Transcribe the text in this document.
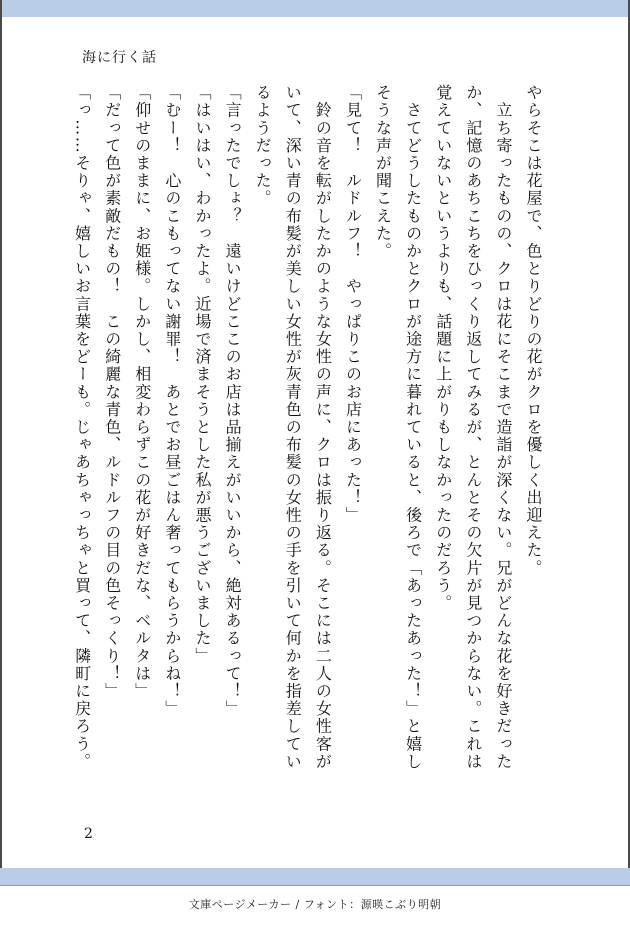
海に行く話
やらそこは花屋で、色とりどりの花がクロを優しく出迎えた。
　立ち寄ったものの、クロは花にそこまで造詣が深くない。兄がどんな花を好きだった
か、記憶のあちこちをひっくり返してみるが、とんとその欠片が見つからない。これは
覚えていないというよりも、話題に上がりもしなかったのだろう。
　さてどうしたものかとクロが途方に暮れていると、後ろで「あったあった！」と嬉し
そうな声が聞こえた。
「見て！　ルドルフ！　やっぱりこのお店にあった！」
　鈴の音を転がしたかのような女性の声に、クロは振り返る。そこには二人の女性客が
いて、深い青の布髪が美しい女性が灰青色の布髪の女性の手を引いて何かを指差してい
るようだった。
「言ったでしょ？　遠いけどここのお店は品揃えがいいから、絶対あるって！」
「はいはい、わかったよ。近場で済まそうとした私が悪うございました」
「むー！　心のこもってない謝罪！　あとでお昼ごはん奢ってもらうからね！」
「仰せのままに、お姫様。しかし、相変わらずこの花が好きだな、ベルタは」
「だって色が素敵だもの！　この綺麗な青色、ルドルフの目の色そっくり！」
「っ……そりゃ、嬉しいお言葉をどーも。じゃあちゃっちゃと買って、隣町に戻ろう。
2
文庫ページメーカー / フォント：源暎こぶり明朝
